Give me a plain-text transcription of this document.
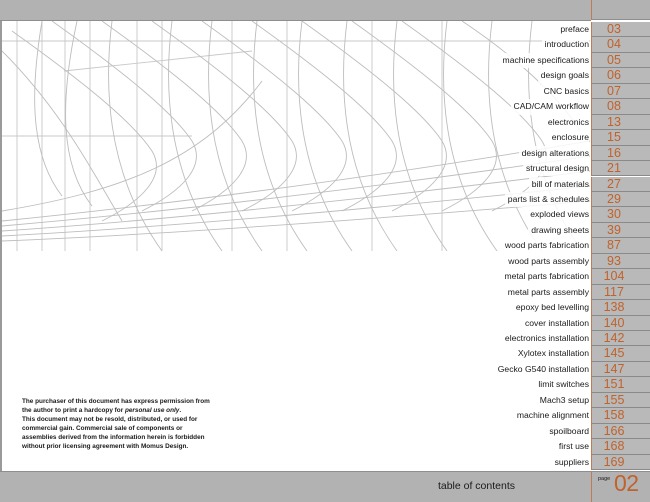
preface	03
introduction	04
machine specifications	05
design goals	06
CNC basics	07
CAD/CAM workflow	08
electronics	13
enclosure	15
design alterations	16
structural design	21
bill of materials	27
parts list & schedules	29
exploded views	30
drawing sheets	39
wood parts fabrication	87
wood parts assembly	93
metal parts fabrication	104
metal parts assembly	117
epoxy bed levelling	138
cover installation	140
electronics installation	142
Xylotex installation	145
Gecko G540 installation	147
limit switches	151
Mach3 setup	155
machine alignment	158
spoilboard	166
first use	168
suppliers	169
The purchaser of this document has express permission from
the author to print a hardcopy for personal use only.
This document may not be resold, distributed, or used for
commercial gain. Commercial sale of components or
assemblies derived from the information herein is forbidden
without prior licensing agreement with Momus Design.
table of contents
page 02
